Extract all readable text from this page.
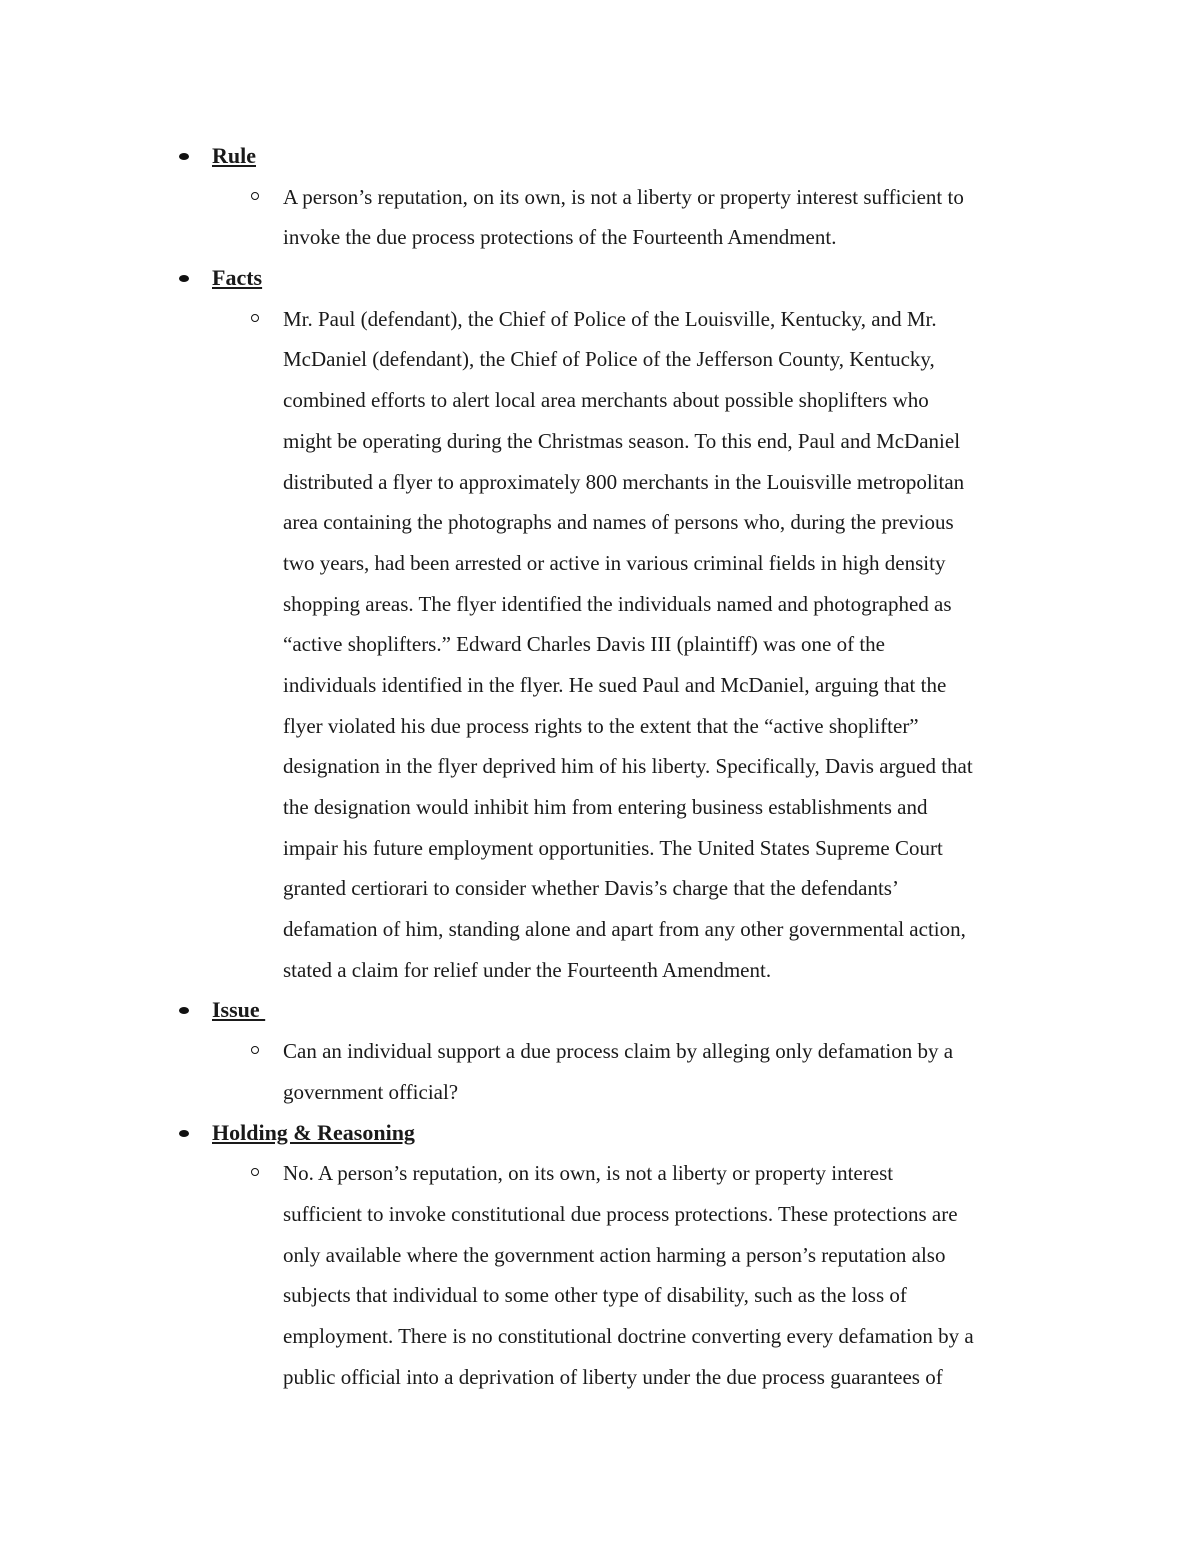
Rule

A person’s reputation, on its own, is not a liberty or property interest sufficient to
invoke the due process protections of the Fourteenth Amendment.

Facts

Mr. Paul (defendant), the Chief of Police of the Louisville, Kentucky, and Mr.
McDaniel (defendant), the Chief of Police of the Jefferson County, Kentucky,
combined efforts to alert local area merchants about possible shoplifters who
might be operating during the Christmas season. To this end, Paul and McDaniel
distributed a flyer to approximately 800 merchants in the Louisville metropolitan
area containing the photographs and names of persons who, during the previous
two years, had been arrested or active in various criminal fields in high density
shopping areas. The flyer identified the individuals named and photographed as
“active shoplifters.” Edward Charles Davis III (plaintiff) was one of the
individuals identified in the flyer. He sued Paul and McDaniel, arguing that the
flyer violated his due process rights to the extent that the “active shoplifter”
designation in the flyer deprived him of his liberty. Specifically, Davis argued that
the designation would inhibit him from entering business establishments and
impair his future employment opportunities. The United States Supreme Court
granted certiorari to consider whether Davis’s charge that the defendants’
defamation of him, standing alone and apart from any other governmental action,
stated a claim for relief under the Fourteenth Amendment.

Issue

Can an individual support a due process claim by alleging only defamation by a
government official?

Holding & Reasoning

No. A person’s reputation, on its own, is not a liberty or property interest
sufficient to invoke constitutional due process protections. These protections are
only available where the government action harming a person’s reputation also
subjects that individual to some other type of disability, such as the loss of
employment. There is no constitutional doctrine converting every defamation by a
public official into a deprivation of liberty under the due process guarantees of
